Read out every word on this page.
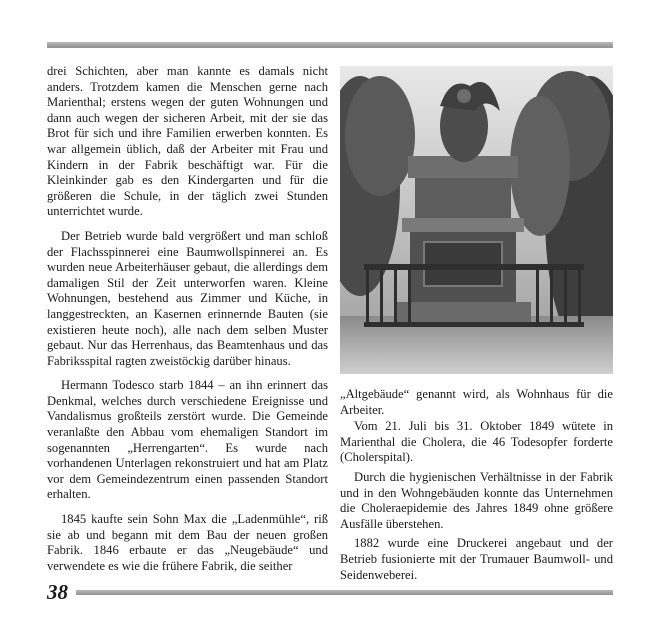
drei Schichten, aber man kannte es damals nicht anders. Trotzdem kamen die Menschen gerne nach Marienthal; erstens wegen der guten Wohnungen und dann auch wegen der sicheren Arbeit, mit der sie das Brot für sich und ihre Familien erwerben konnten. Es war allgemein üblich, daß der Arbeiter mit Frau und Kindern in der Fabrik beschäftigt war. Für die Kleinkinder gab es den Kindergarten und für die größeren die Schule, in der täglich zwei Stunden unterrichtet wurde.

Der Betrieb wurde bald vergrößert und man schloß der Flachsspinnerei eine Baumwollspinnerei an. Es wurden neue Arbeiterhäuser gebaut, die allerdings dem damaligen Stil der Zeit unterworfen waren. Kleine Wohnungen, bestehend aus Zimmer und Küche, in langgestreckten, an Kasernen erinnernde Bauten (sie existieren heute noch), alle nach dem selben Muster gebaut. Nur das Herrenhaus, das Beamtenhaus und das Fabriksspital ragten zweistöckig darüber hinaus.

Hermann Todesco starb 1844 – an ihn erinnert das Denkmal, welches durch verschiedene Ereignisse und Vandalismus großteils zerstört wurde. Die Gemeinde veranlaßte den Abbau vom ehemaligen Standort im sogenannten „Herrengarten“. Es wurde nach vorhandenen Unterlagen rekonstruiert und hat am Platz vor dem Gemeindezentrum einen passenden Standort erhalten.

1845 kaufte sein Sohn Max die „Ladenmühle“, riß sie ab und begann mit dem Bau der neuen großen Fabrik. 1846 erbaute er das „Neugebäude“ und verwendete es wie die frühere Fabrik, die seither

„Altgebäude“ genannt wird, als Wohnhaus für die Arbeiter.

Vom 21. Juli bis 31. Oktober 1849 wütete in Marienthal die Cholera, die 46 Todesopfer forderte (Cholerspital).

Durch die hygienischen Verhältnisse in der Fabrik und in den Wohngebäuden konnte das Unternehmen die Choleraepidemie des Jahres 1849 ohne größere Ausfälle überstehen.

1882 wurde eine Druckerei angebaut und der Betrieb fusionierte mit der Trumauer Baumwoll- und Seidenweberei.

38
